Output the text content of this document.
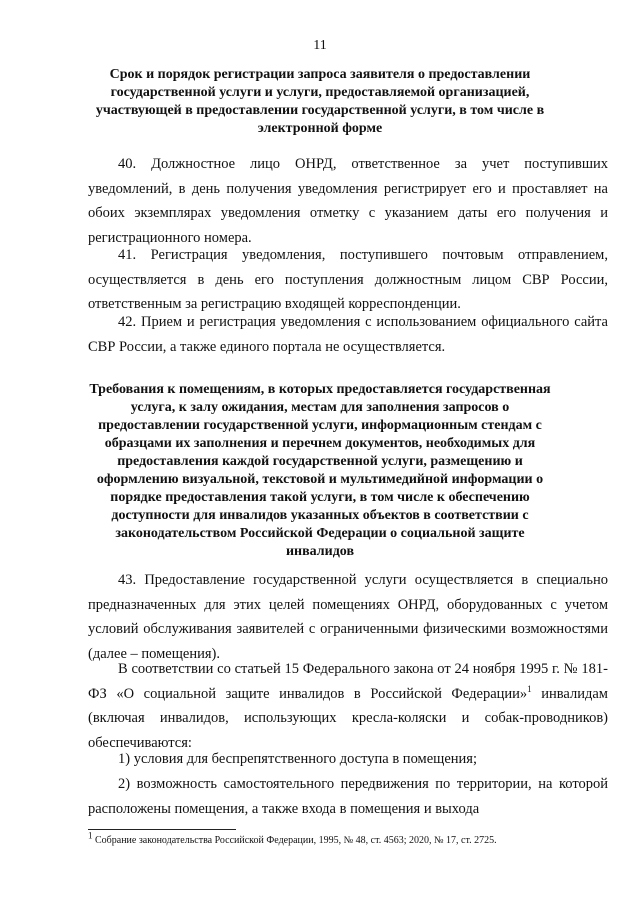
11
Срок и порядок регистрации запроса заявителя о предоставлении государственной услуги и услуги, предоставляемой организацией, участвующей в предоставлении государственной услуги, в том числе в электронной форме
40. Должностное лицо ОНРД, ответственное за учет поступивших уведомлений, в день получения уведомления регистрирует его и проставляет на обоих экземплярах уведомления отметку с указанием даты его получения и регистрационного номера.
41. Регистрация уведомления, поступившего почтовым отправлением, осуществляется в день его поступления должностным лицом СВР России, ответственным за регистрацию входящей корреспонденции.
42. Прием и регистрация уведомления с использованием официального сайта СВР России, а также единого портала не осуществляется.
Требования к помещениям, в которых предоставляется государственная услуга, к залу ожидания, местам для заполнения запросов о предоставлении государственной услуги, информационным стендам с образцами их заполнения и перечнем документов, необходимых для предоставления каждой государственной услуги, размещению и оформлению визуальной, текстовой и мультимедийной информации о порядке предоставления такой услуги, в том числе к обеспечению доступности для инвалидов указанных объектов в соответствии с законодательством Российской Федерации о социальной защите инвалидов
43. Предоставление государственной услуги осуществляется в специально предназначенных для этих целей помещениях ОНРД, оборудованных с учетом условий обслуживания заявителей с ограниченными физическими возможностями (далее – помещения).
В соответствии со статьей 15 Федерального закона от 24 ноября 1995 г. № 181-ФЗ «О социальной защите инвалидов в Российской Федерации»$^1$ инвалидам (включая инвалидов, использующих кресла-коляски и собак-проводников) обеспечиваются:
1) условия для беспрепятственного доступа в помещения;
2) возможность самостоятельного передвижения по территории, на которой расположены помещения, а также входа в помещения и выхода
$^1$ Собрание законодательства Российской Федерации, 1995, № 48, ст. 4563; 2020, № 17, ст. 2725.
